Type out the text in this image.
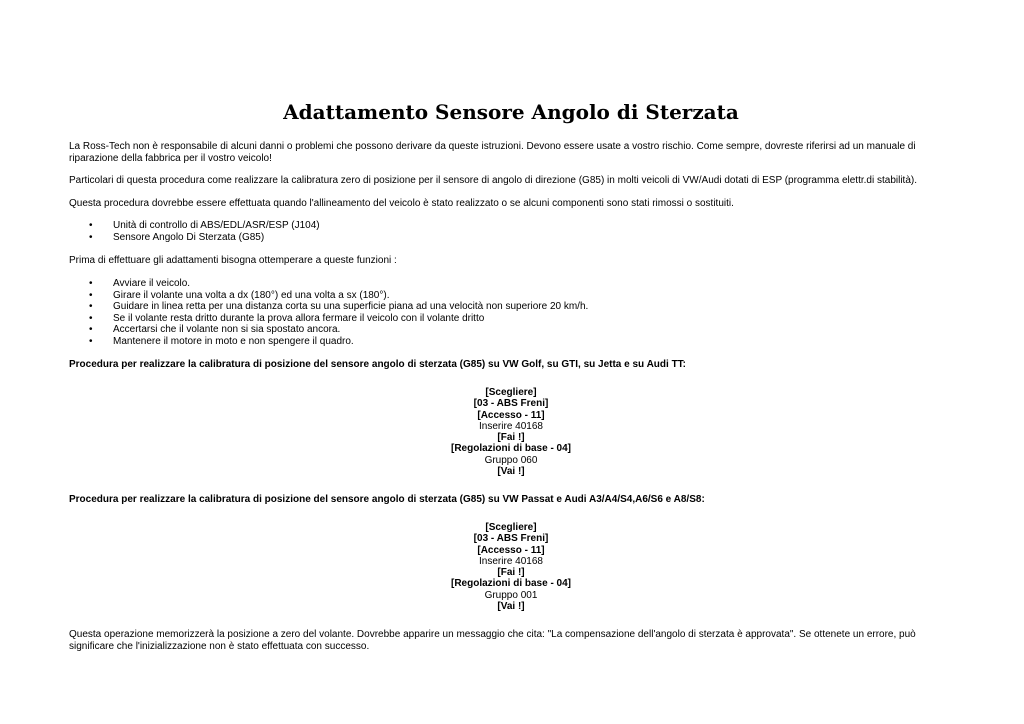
Adattamento Sensore Angolo di Sterzata

La Ross-Tech non è responsabile di alcuni danni o problemi che possono derivare da queste istruzioni. Devono essere usate a vostro rischio. Come sempre, dovreste riferirsi ad un manuale di riparazione della fabbrica per il vostro veicolo!

Particolari di questa procedura come realizzare la calibratura zero di posizione per il sensore di angolo di direzione (G85) in molti veicoli di VW/Audi dotati di ESP (programma elettr.di stabilità).

Questa procedura dovrebbe essere effettuata quando l'allineamento del veicolo è stato realizzato o se alcuni componenti sono stati rimossi o sostituiti.

• Unità di controllo di ABS/EDL/ASR/ESP (J104)
• Sensore Angolo Di Sterzata (G85)

Prima di effettuare gli adattamenti bisogna ottemperare a queste funzioni :

• Avviare il veicolo.
• Girare il volante una volta a dx (180°) ed una volta a sx (180°).
• Guidare in linea retta per una distanza corta su una superficie piana ad una velocità non superiore 20 km/h.
• Se il volante resta dritto durante la prova allora fermare il veicolo con il volante dritto
• Accertarsi che il volante non si sia spostato ancora.
• Mantenere il motore in moto e non spengere il quadro.

Procedura per realizzare la calibratura di posizione del sensore angolo di sterzata (G85) su VW Golf, su GTI, su Jetta e su Audi TT:

[Scegliere]
[03 - ABS Freni]
[Accesso - 11]
Inserire 40168
[Fai !]
[Regolazioni di base - 04]
Gruppo 060
[Vai !]

Procedura per realizzare la calibratura di posizione del sensore angolo di sterzata (G85) su VW Passat e Audi A3/A4/S4,A6/S6 e A8/S8:

[Scegliere]
[03 - ABS Freni]
[Accesso - 11]
Inserire 40168
[Fai !]
[Regolazioni di base - 04]
Gruppo 001
[Vai !]

Questa operazione memorizzerà la posizione a zero del volante. Dovrebbe apparire un messaggio che cita: "La compensazione dell'angolo di sterzata è approvata". Se ottenete un errore, può significare che l'inizializzazione non è stato effettuata con successo.
